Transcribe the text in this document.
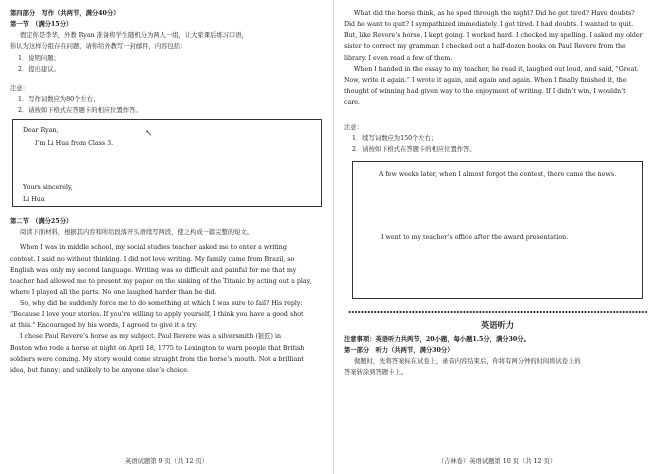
第四部分　写作（共两节，满分40分）

第一节　（满分15分）

假定你是李华，外教 Ryan 准备将学生随机分为两人一组，让大家课后练习口语，

你认为这样分组存在问题，请你给外教写一封邮件，内容包括：

1．说明问题；

2．提出建议。

注意：

1．写作词数应为80个左右；

2．请按如下格式在答题卡的相应位置作答。

Dear Ryan,

I’m Li Hua from Class 3.

↖

Yours sincerely,

Li Hua

第二节　（满分25分）

阅读下面材料，根据其内容和所给段落开头语续写两段，使之构成一篇完整的短文。

When I was in middle school, my social studies teacher asked me to enter a writing

contest. I said no without thinking. I did not love writing. My family came from Brazil, so

English was only my second language. Writing was so difficult and painful for me that my

teacher had allowed me to present my paper on the sinking of the Titanic by acting out a play,

where I played all the parts. No one laughed harder than he did.

So, why did he suddenly force me to do something at which I was sure to fail? His reply:

“Because I love your stories. If you’re willing to apply yourself, I think you have a good shot

at this.” Encouraged by his words, I agreed to give it a try.

I chose Paul Revere’s horse as my subject. Paul Revere was a silversmith (银匠) in

Boston who rode a horse at night on April 18, 1775 to Lexington to warn people that British

soldiers were coming. My story would come straight from the horse’s mouth. Not a brilliant

idea, but funny; and unlikely to be anyone else’s choice.

英语试题第 9 页（共 12 页）

What did the horse think, as he sped through the night? Did he get tired? Have doubts?

Did he want to quit? I sympathized immediately. I got tired. I had doubts. I wanted to quit.

But, like Revere’s horse, I kept going. I worked hard. I checked my spelling. I asked my older

sister to correct my grammar. I checked out a half-dozen books on Paul Revere from the

library. I even read a few of them.

When I handed in the essay to my teacher, he read it, laughed out loud, and said, “Great.

Now, write it again.” I wrote it again, and again and again. When I finally finished it, the

thought of winning had given way to the enjoyment of writing. If I didn’t win, I wouldn’t

care.

注意：

1．续写词数应为150个左右；

2．请按如下格式在答题卡的相应位置作答。

A few weeks later, when I almost forgot the contest, there came the news.

I went to my teacher’s office after the award presentation.

英语听力

注意事项：英语听力共两节，20小题，每小题1.5分，满分30分。

第一部分　听力（共两节，满分30分）

做题时，先将答案标在试卷上，录音内容结束后，你将有两分钟的时间将试卷上的

答案转涂到答题卡上。

（吉林卷）英语试题第 10 页（共 12 页）
